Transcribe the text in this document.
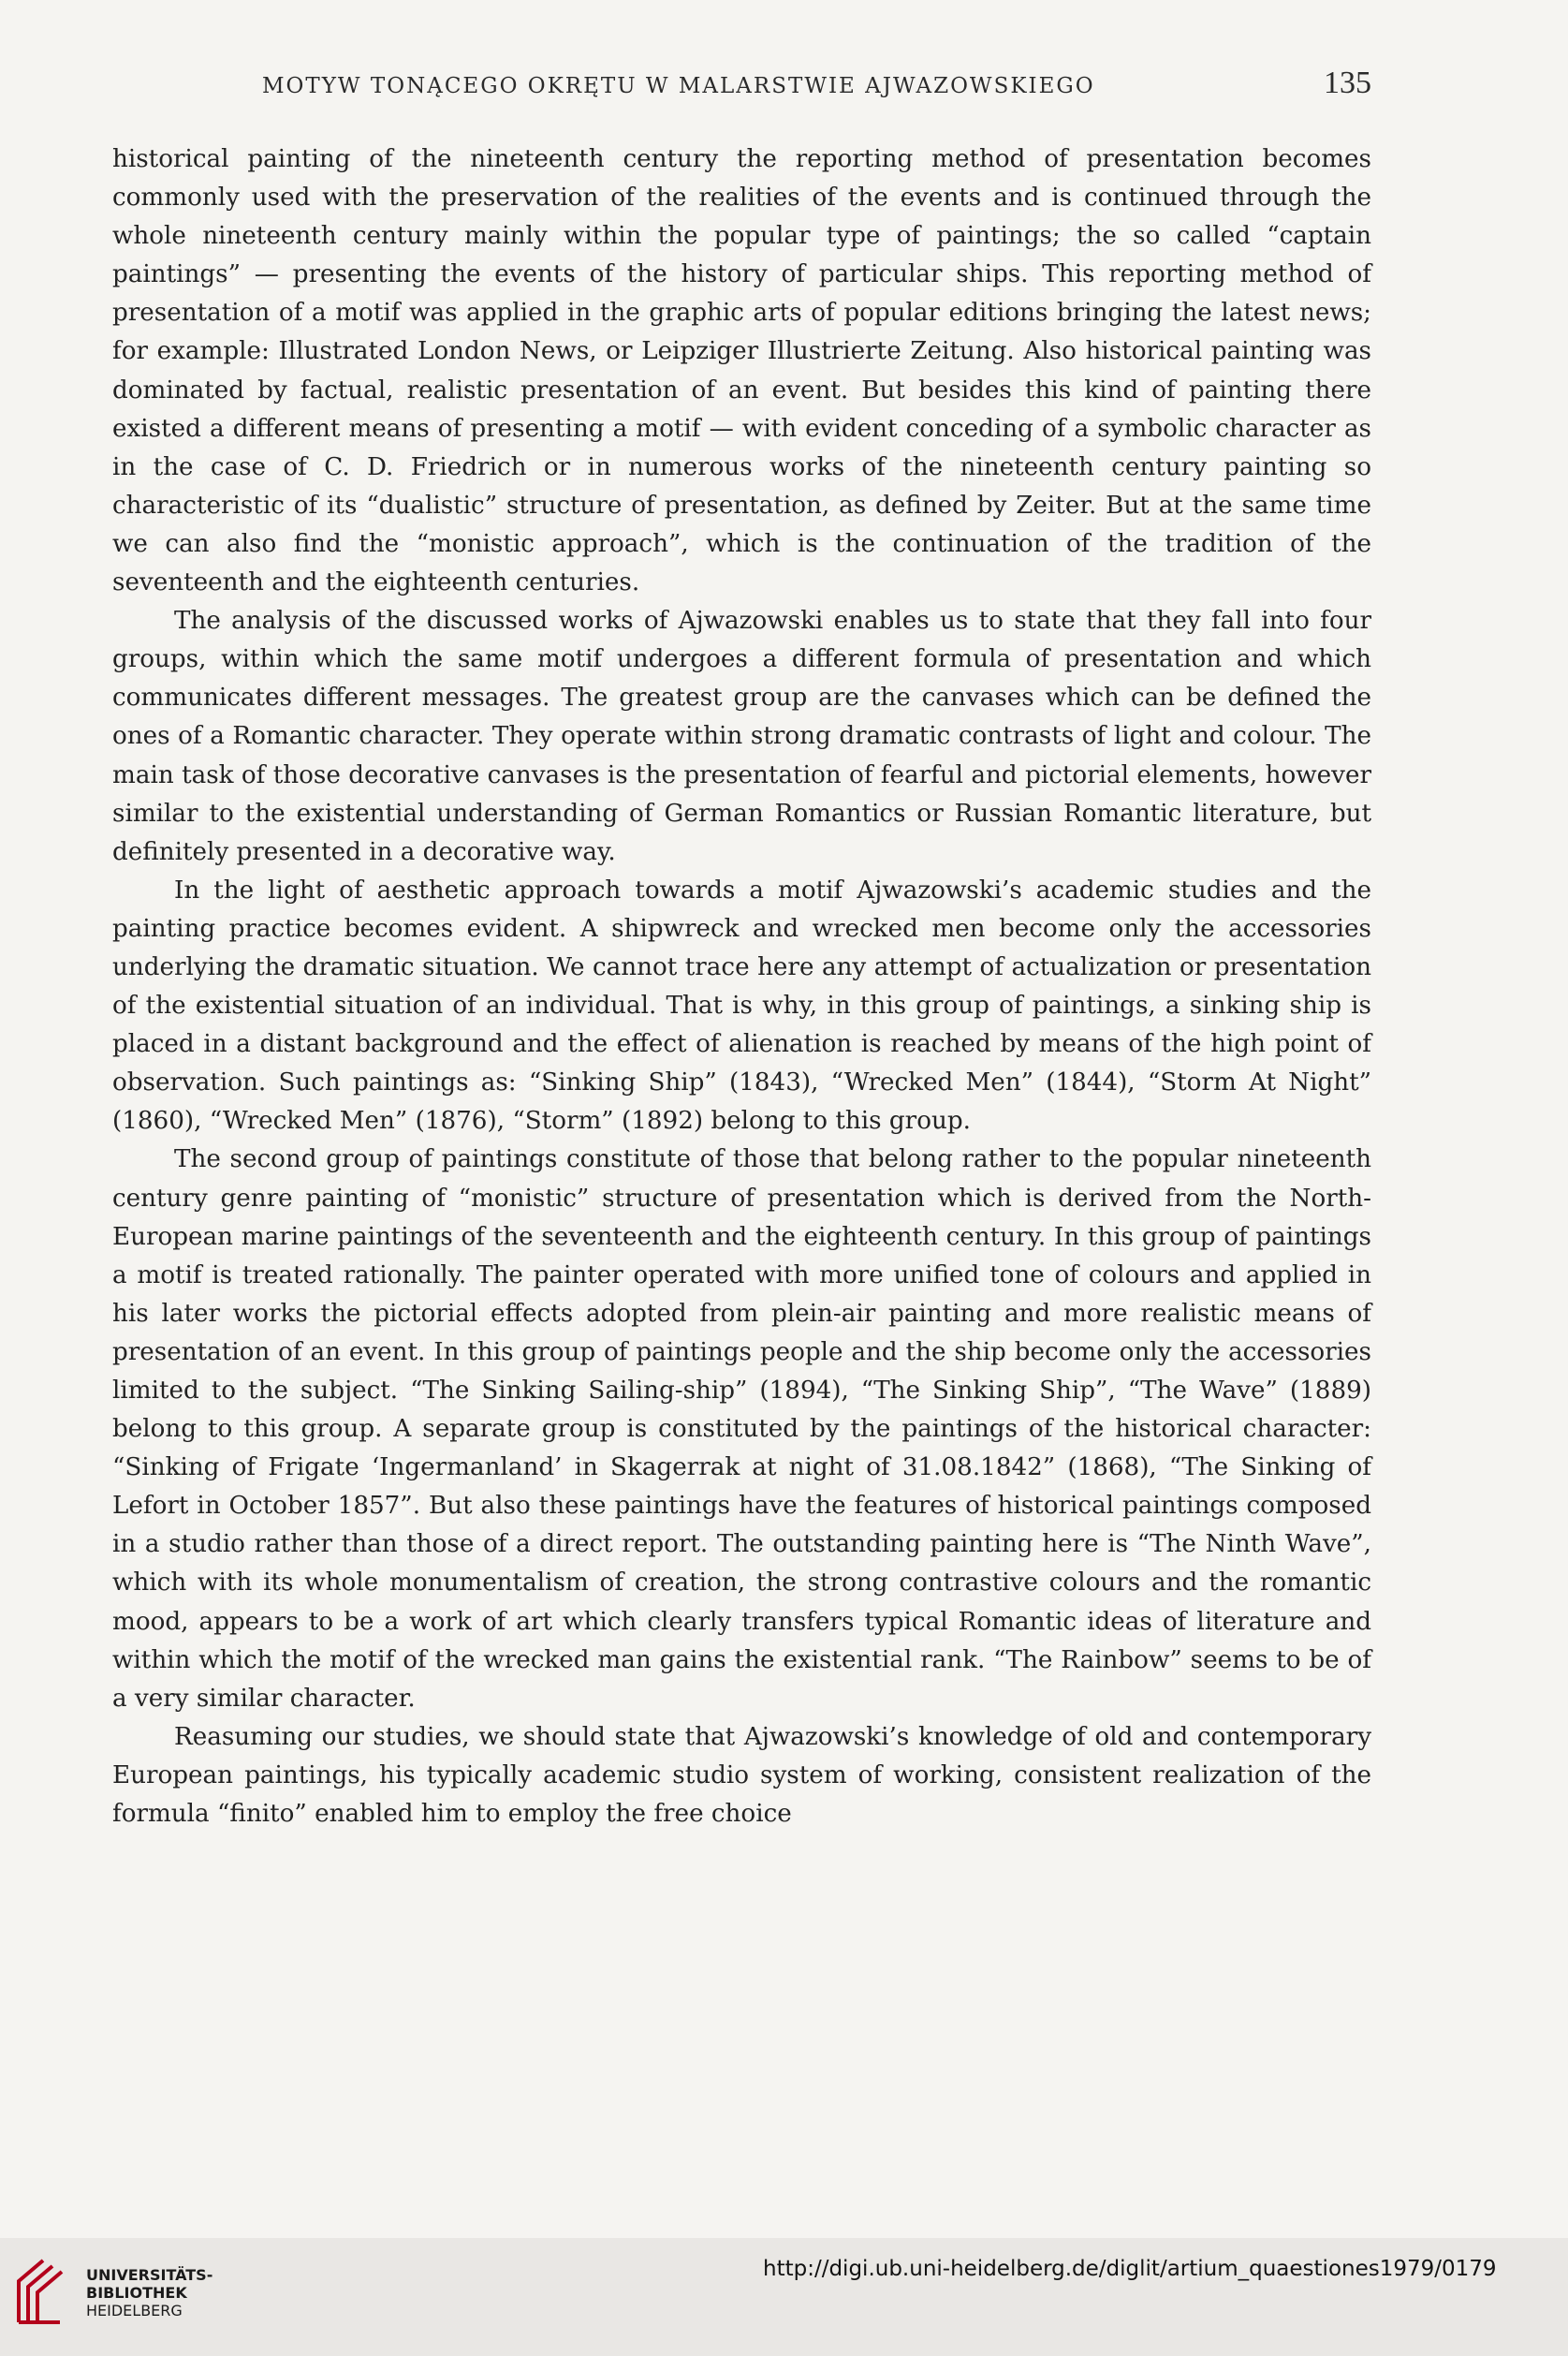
MOTYW TONĄCEGO OKRĘTU W MALARSTWIE AJWAZOWSKIEGO	135

historical painting of the nineteenth century the reporting method of presentation becomes commonly used with the preservation of the realities of the events and is continued through the whole nineteenth century mainly within the popular type of paintings; the so called “captain paintings” — presenting the events of the history of particular ships. This reporting method of presentation of a motif was applied in the graphic arts of popular editions bringing the latest news; for example: Illustrated London News, or Leipziger Illustrierte Zeitung. Also historical painting was dominated by factual, realistic presentation of an event. But besides this kind of painting there existed a different means of presenting a motif — with evident conceding of a symbolic character as in the case of C. D. Friedrich or in numerous works of the nineteenth century painting so characteristic of its “dualistic” structure of presentation, as defined by Zeiter. But at the same time we can also find the “monistic approach”, which is the continuation of the tradition of the seventeenth and the eighteenth centuries.

The analysis of the discussed works of Ajwazowski enables us to state that they fall into four groups, within which the same motif undergoes a different formula of presentation and which communicates different messages. The greatest group are the canvases which can be defined the ones of a Romantic character. They operate within strong dramatic contrasts of light and colour. The main task of those decorative canvases is the presentation of fearful and pictorial elements, however similar to the existential understanding of German Romantics or Russian Romantic literature, but definitely presented in a decorative way.

In the light of aesthetic approach towards a motif Ajwazowski’s academic studies and the painting practice becomes evident. A shipwreck and wrecked men become only the accessories underlying the dramatic situation. We cannot trace here any attempt of actualization or presentation of the existential situation of an individual. That is why, in this group of paintings, a sinking ship is placed in a distant background and the effect of alienation is reached by means of the high point of observation. Such paintings as: “Sinking Ship” (1843), “Wrecked Men” (1844), “Storm At Night” (1860), “Wrecked Men” (1876), “Storm” (1892) belong to this group.

The second group of paintings constitute of those that belong rather to the popular nineteenth century genre painting of “monistic” structure of presentation which is derived from the North-European marine paintings of the seventeenth and the eighteenth century. In this group of paintings a motif is treated rationally. The painter operated with more unified tone of colours and applied in his later works the pictorial effects adopted from plein-air painting and more realistic means of presentation of an event. In this group of paintings people and the ship become only the accessories limited to the subject. “The Sinking Sailing-ship” (1894), “The Sinking Ship”, “The Wave” (1889) belong to this group. A separate group is constituted by the paintings of the historical character: “Sinking of Frigate ‘Ingermanland’ in Skagerrak at night of 31.08.1842” (1868), “The Sinking of Lefort in October 1857”. But also these paintings have the features of historical paintings composed in a studio rather than those of a direct report. The outstanding painting here is “The Ninth Wave”, which with its whole monumentalism of creation, the strong contrastive colours and the romantic mood, appears to be a work of art which clearly transfers typical Romantic ideas of literature and within which the motif of the wrecked man gains the existential rank. “The Rainbow” seems to be of a very similar character.

Reasuming our studies, we should state that Ajwazowski’s knowledge of old and contemporary European paintings, his typically academic studio system of working, consistent realization of the formula “finito” enabled him to employ the free choice

UNIVERSITÄTS-
BIBLIOTHEK
HEIDELBERG
http://digi.ub.uni-heidelberg.de/diglit/artium_quaestiones1979/0179
